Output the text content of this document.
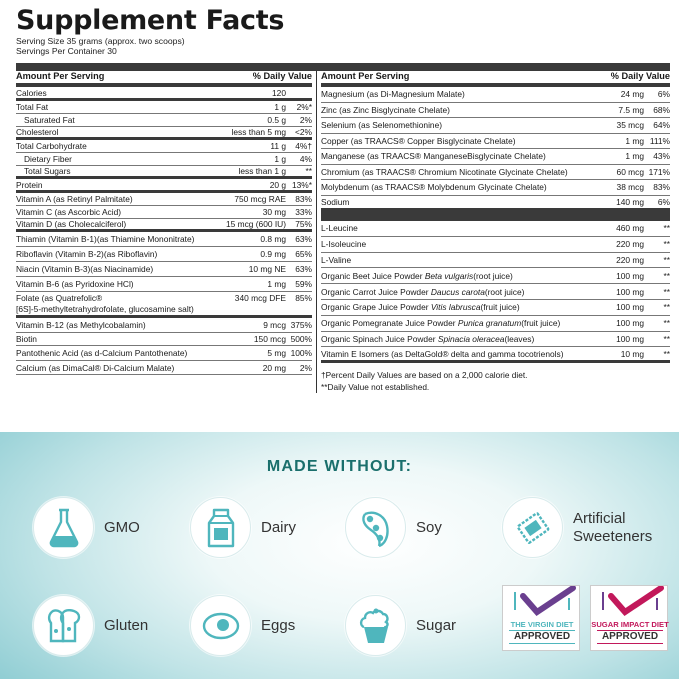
Supplement Facts
Serving Size 35 grams (approx. two scoops)
Servings Per Container 30
Amount Per Serving	% Daily Value
Calories	120
Total Fat	1 g	2%*
Saturated Fat	0.5 g	2%
Cholesterol	less than 5 mg	<2%
Total Carbohydrate	11 g	4%†
Dietary Fiber	1 g	4%
Total Sugars	less than 1 g	**
Protein	20 g 13%*
Vitamin A (as Retinyl Palmitate)	750 mcg RAE	83%
Vitamin C (as Ascorbic Acid)	30 mg	33%
Vitamin D (as Cholecalciferol)	15 mcg (600 IU)	75%
Thiamin (Vitamin B-1)(as Thiamine Mononitrate)	0.8 mg	63%
Riboflavin (Vitamin B-2)(as Riboflavin)	0.9 mg	65%
Niacin (Vitamin B-3)(as Niacinamide)	10 mg NE	63%
Vitamin B-6 (as Pyridoxine HCl)	1 mg	59%
Folate (as Quatrefolic®
[6S]-5-methyltetrahydrofolate, glucosamine salt)
340 mcg DFE	85%
Vitamin B-12 (as Methylcobalamin)	9 mcg 375%
Biotin	150 mcg 500%
Pantothenic Acid (as d-Calcium Pantothenate)	5 mg 100%
Calcium (as DimaCal® Di-Calcium Malate)	20 mg	2%
Amount Per Serving	% Daily Value
Magnesium (as Di-Magnesium Malate)	24 mg	6%
Zinc (as Zinc Bisglycinate Chelate)	7.5 mg	68%
Selenium (as Selenomethionine)	35 mcg	64%
Copper (as TRAACS® Copper Bisglycinate Chelate)	1 mg 111%
Manganese (as TRAACS® ManganeseBisglycinate Chelate)	1 mg	43%
Chromium (as TRAACS® Chromium Nicotinate Glycinate Chelate)	60 mcg 171%
Molybdenum (as TRAACS® Molybdenum Glycinate Chelate)	38 mcg	83%
Sodium	140 mg	6%
L-Leucine	460 mg	**
L-Isoleucine	220 mg	**
L-Valine	220 mg	**
Organic Beet Juice Powder Beta vulgaris(root juice)	100 mg	**
Organic Carrot Juice Powder Daucus carota(root juice)	100 mg	**
Organic Grape Juice Powder Vitis labrusca(fruit juice)	100 mg	**
Organic Pomegranate Juice Powder Punica granatum(fruit juice)	100 mg	**
Organic Spinach Juice Powder Spinacia oleracea(leaves)	100 mg	**
Vitamin E Isomers (as DeltaGold® delta and gamma tocotrienols)	10 mg	**
†Percent Daily Values are based on a 2,000 calorie diet.
**Daily Value not established.
MADE WITHOUT:
GMO	Dairy	Soy
Artificial
Sweeteners
Gluten	Eggs	Sugar	THE VIRGIN DIET
APPROVED
SUGAR IMPACT DIET
APPROVED
